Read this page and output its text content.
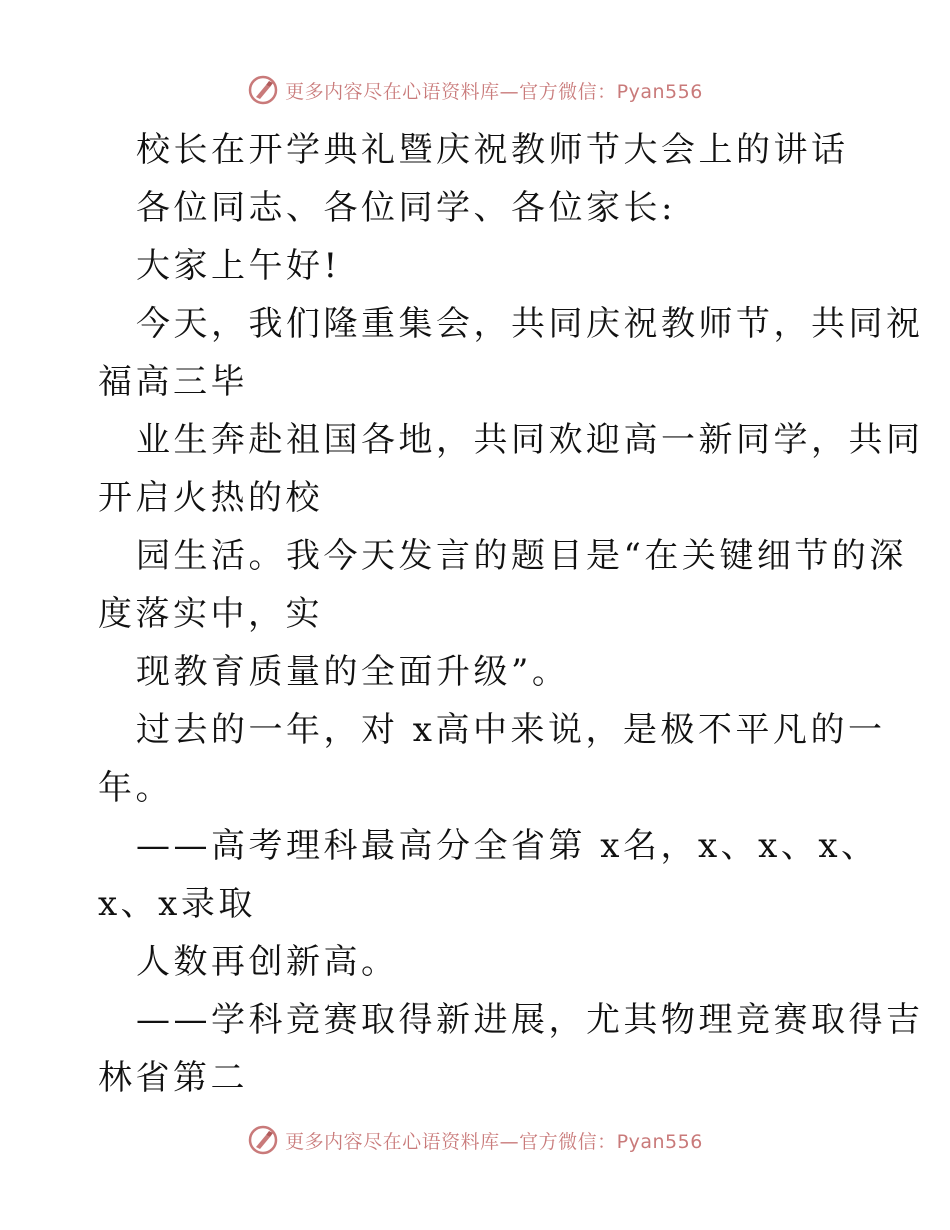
更多内容尽在心语资料库—官方微信：Pyan556
校长在开学典礼暨庆祝教师节大会上的讲话
各位同志、各位同学、各位家长:
大家上午好!
今天，我们隆重集会，共同庆祝教师节，共同祝
福高三毕
业生奔赴祖国各地，共同欢迎高一新同学，共同
开启火热的校
园生活。我今天发言的题目是“在关键细节的深
度落实中，实
现教育质量的全面升级”。
过去的一年，对 x高中来说，是极不平凡的一
年。
——高考理科最高分全省第 x名，x、x、x、
x、x录取
人数再创新高。
——学科竞赛取得新进展，尤其物理竞赛取得吉
林省第二
更多内容尽在心语资料库—官方微信：Pyan556
